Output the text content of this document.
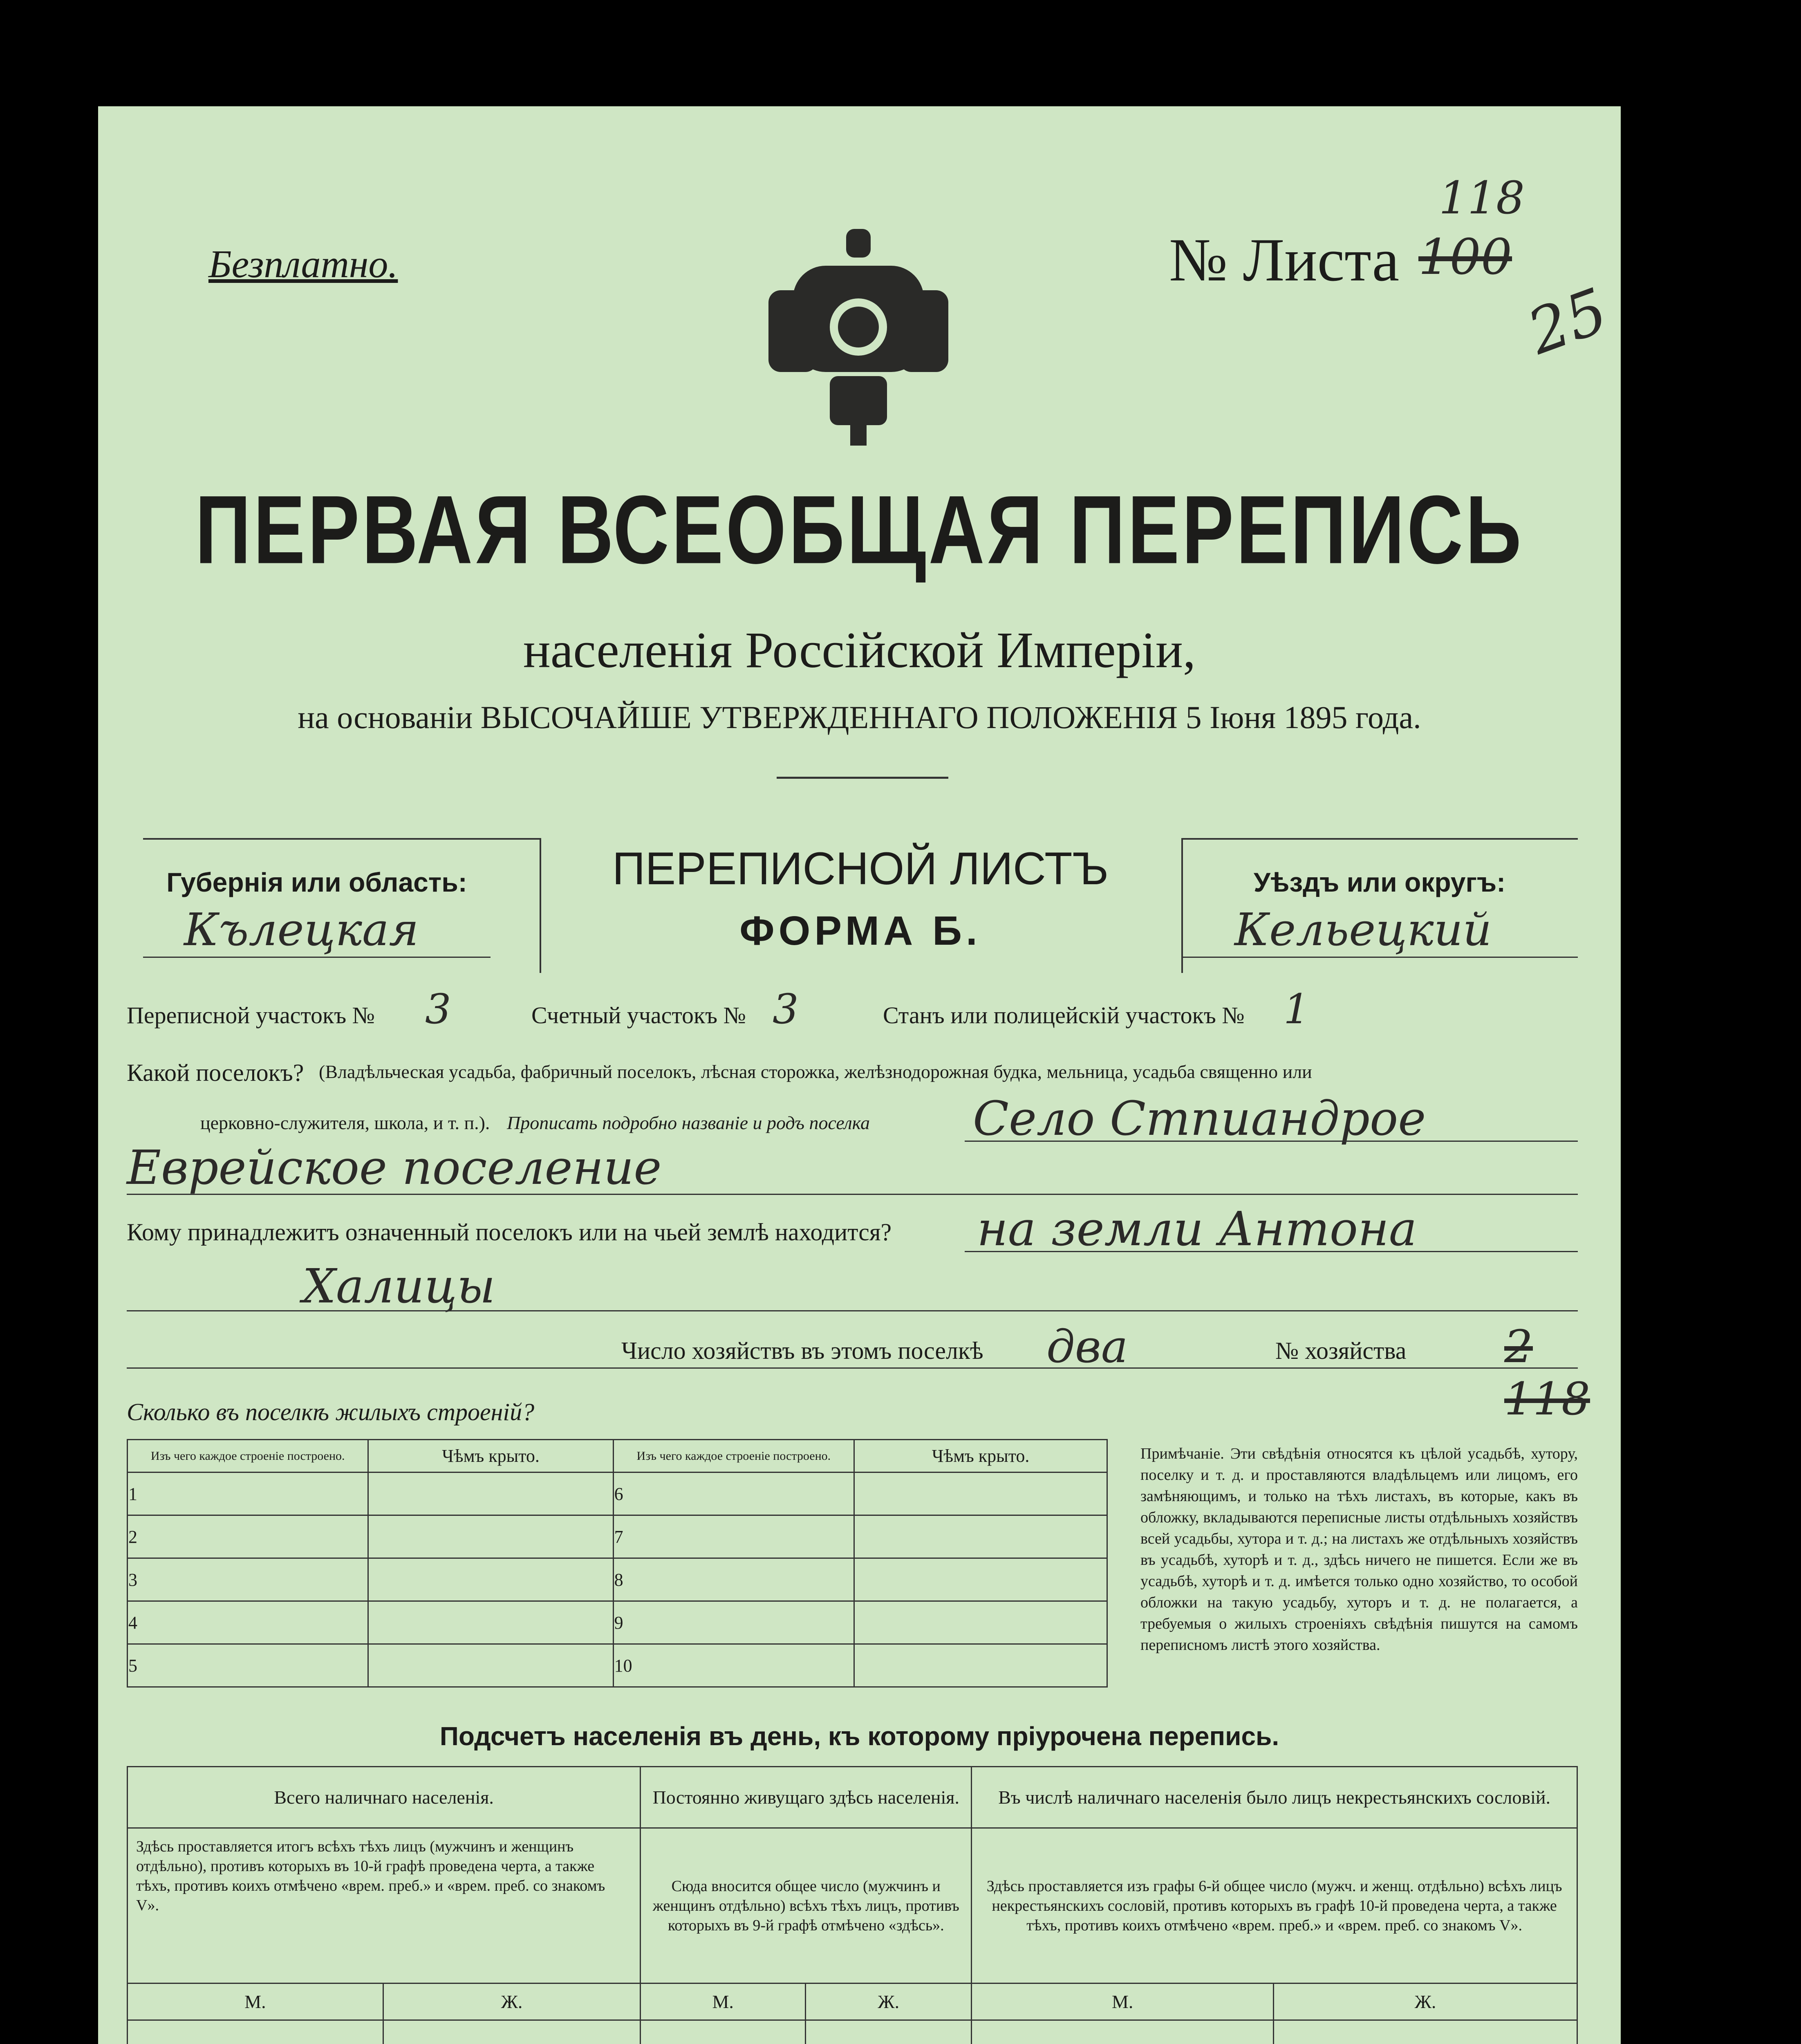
Безплатно.	№ Листа 100
118
25
ПЕРВАЯ ВСЕОБЩАЯ ПЕРЕПИСЬ
населенія Россійской Имперіи,
на основаніи ВЫСОЧАЙШЕ УТВЕРЖДЕННАГО ПОЛОЖЕНІЯ 5 Іюня 1895 года.
Губернія или область:
Кълецкая
ПЕРЕПИСНОЙ ЛИСТЪ
ФОРМА Б.
Уѣздъ или округъ:
Кельецкий
Переписной участокъ № 3	Счетный участокъ № 3	Станъ или полицейскій участокъ № 1
Какой поселокъ? (Владѣльческая усадьба, фабричный поселокъ, лѣсная сторожка, желѣзнодорожная будка, мельница, усадьба священно или
церковно-служителя, школа, и т. п.). Прописать подробно названіе и родъ поселка Село Стпиандрое
Еврейское поселение
Кому принадлежитъ означенный поселокъ или на чьей землѣ находится? на земли Антона
Халицы
Число хозяйствъ въ этомъ поселкѣ два	№ хозяйства 2 118
Сколько въ поселкѣ жилыхъ строеній?
Изъ чего каждое строеніе построено.	Чѣмъ крыто.	Изъ чего каждое строеніе построено.	Чѣмъ крыто.
1		6	
2		7	
3		8	
4		9	
5		10	
Примѣчаніе. Эти свѣдѣнія относятся къ цѣлой усадьбѣ, хутору, поселку и т. д. и проставляются владѣльцемъ или лицомъ, его замѣняющимъ, и только на тѣхъ листахъ, въ которые, какъ въ обложку, вкладываются переписные листы отдѣльныхъ хозяйствъ всей усадьбы, хутора и т. д.; на листахъ же отдѣльныхъ хозяйствъ въ усадьбѣ, хуторѣ и т. д., здѣсь ничего не пишется. Если же въ усадьбѣ, хуторѣ и т. д. имѣется только одно хозяйство, то особой обложки на такую усадьбу, хуторъ и т. д. не полагается, а требуемыя о жилыхъ строеніяхъ свѣдѣнія пишутся на самомъ переписномъ листѣ этого хозяйства.
Подсчетъ населенія въ день, къ которому пріурочена перепись.
Всего наличнаго населенія.		Постоянно живущаго здѣсь населенія.		Въ числѣ наличнаго населенія было лицъ некрестьянскихъ сословій.	
Здѣсь проставляется итогъ всѣхъ тѣхъ лицъ (мужчинъ и женщинъ отдѣльно), противъ которыхъ въ 10-й графѣ проведена черта, а также тѣхъ, противъ коихъ отмѣчено «врем. преб.» и «врем. преб. со знакомъ V».		Сюда вносится общее число (мужчинъ и женщинъ отдѣльно) всѣхъ тѣхъ лицъ, противъ которыхъ въ 9-й графѣ отмѣчено «здѣсь».		Здѣсь проставляется изъ графы 6-й общее число (мужч. и женщ. отдѣльно) всѣхъ лицъ некрестьянскихъ сословій, противъ которыхъ въ графѣ 10-й проведена черта, а также тѣхъ, противъ коихъ отмѣчено «врем. преб.» и «врем. преб. со знакомъ V».	
М.	Ж.	М.	Ж.	М.	Ж.
